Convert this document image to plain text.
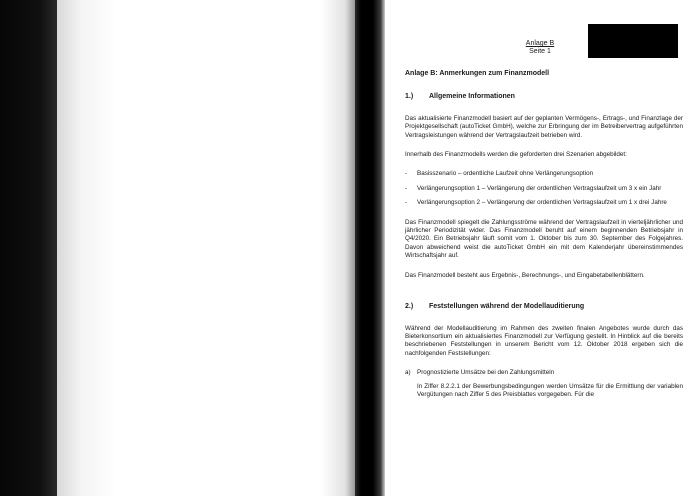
Anlage B
Seite 1
Anlage B: Anmerkungen zum Finanzmodell
1.)	Allgemeine Informationen

Das aktualisierte Finanzmodell basiert auf der geplanten Vermögens-, Ertrags-, und Finanzlage der Projektgesellschaft (autoTicket GmbH), welche zur Erbringung der im Betreibervertrag aufgeführten Vertragsleistungen während der Vertragslaufzeit betrieben wird.

Innerhalb des Finanzmodells werden die geforderten drei Szenarien abgebildet:

- Basisszenario – ordentliche Laufzeit ohne Verlängerungsoption
- Verlängerungsoption 1 – Verlängerung der ordentlichen Vertragslaufzeit um 3 x ein Jahr
- Verlängerungsoption 2 – Verlängerung der ordentlichen Vertragslaufzeit um 1 x drei Jahre

Das Finanzmodell spiegelt die Zahlungsströme während der Vertragslaufzeit in vierteljährlicher und jährlicher Periodizität wider. Das Finanzmodell beruht auf einem beginnenden Betriebsjahr in Q4/2020. Ein Betriebsjahr läuft somit vom 1. Oktober bis zum 30. September des Folgejahres. Davon abweichend weist die autoTicket GmbH ein mit dem Kalenderjahr übereinstimmendes Wirtschaftsjahr auf.

Das Finanzmodell besteht aus Ergebnis-, Berechnungs-, und Eingabetabellenblättern.

2.)	Feststellungen während der Modellauditierung

Während der Modellauditierung im Rahmen des zweiten finalen Angebotes wurde durch das Bieterkonsortium ein aktualisiertes Finanzmodell zur Verfügung gestellt. In Hinblick auf die bereits beschriebenen Feststellungen in unserem Bericht vom 12. Oktober 2018 ergeben sich die nachfolgenden Feststellungen:

a)	Prognostizierte Umsätze bei den Zahlungsmitteln

In Ziffer 8.2.2.1 der Bewerbungsbedingungen werden Umsätze für die Ermittlung der variablen Vergütungen nach Ziffer 5 des Preisblattes vorgegeben. Für die
